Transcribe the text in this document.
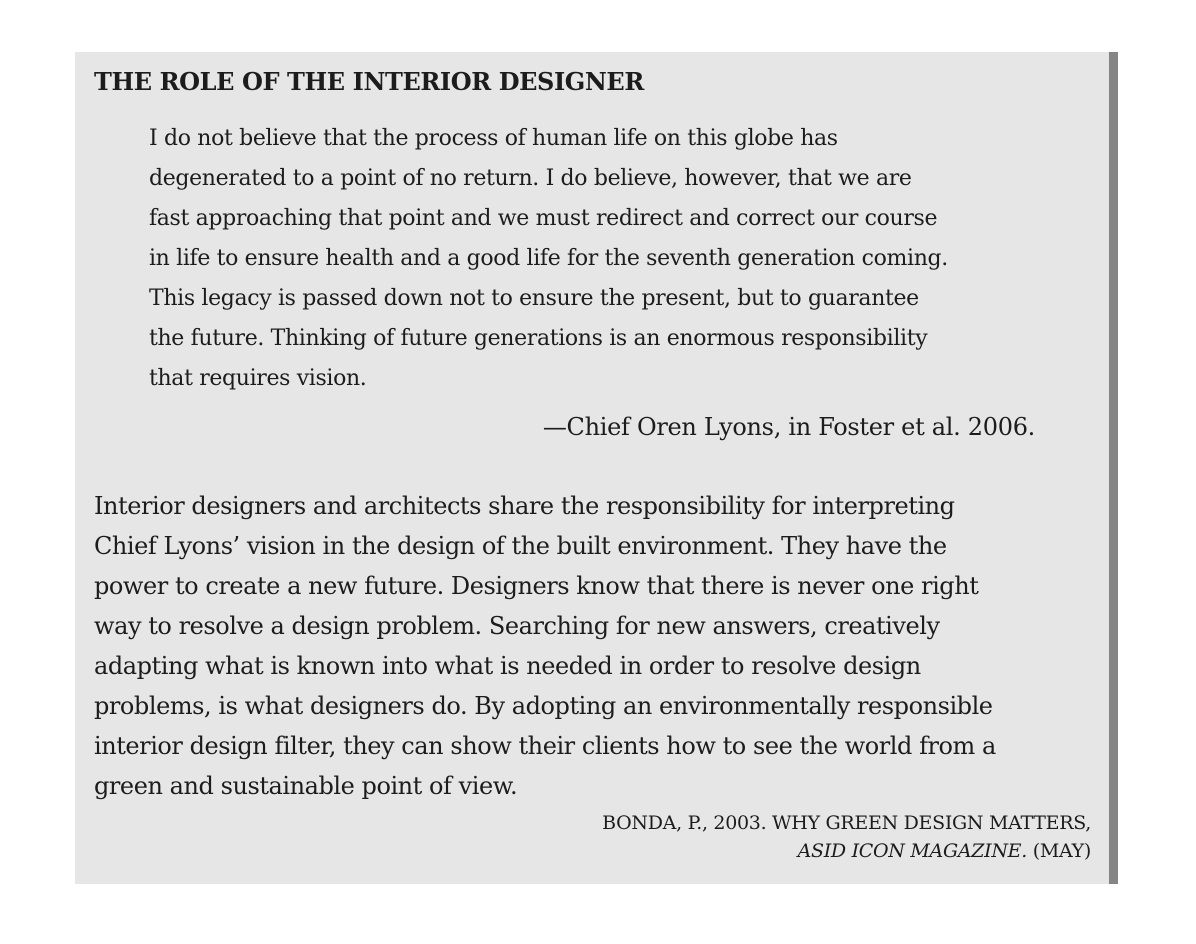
THE ROLE OF THE INTERIOR DESIGNER
I do not believe that the process of human life on this globe has
degenerated to a point of no return. I do believe, however, that we are
fast approaching that point and we must redirect and correct our course
in life to ensure health and a good life for the seventh generation coming.
This legacy is passed down not to ensure the present, but to guarantee
the future. Thinking of future generations is an enormous responsibility
that requires vision.
—Chief Oren Lyons, in Foster et al. 2006.
Interior designers and architects share the responsibility for interpreting
Chief Lyons’ vision in the design of the built environment. They have the
power to create a new future. Designers know that there is never one right
way to resolve a design problem. Searching for new answers, creatively
adapting what is known into what is needed in order to resolve design
problems, is what designers do. By adopting an environmentally responsible
interior design filter, they can show their clients how to see the world from a
green and sustainable point of view.
BONDA, P., 2003. WHY GREEN DESIGN MATTERS,
ASID ICON MAGAZINE. (MAY)
